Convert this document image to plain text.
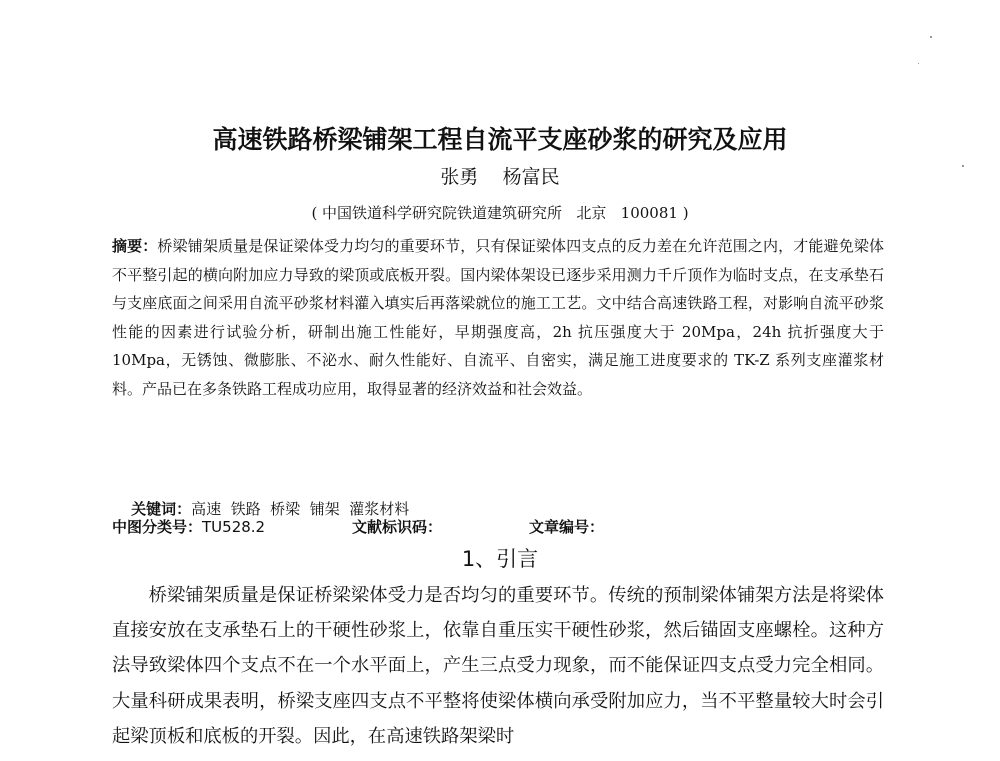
高速铁路桥梁铺架工程自流平支座砂浆的研究及应用
张勇    杨富民
( 中国铁道科学研究院铁道建筑研究所   北京   100081 )
摘要：桥梁铺架质量是保证梁体受力均匀的重要环节，只有保证梁体四支点的反力差在允许范围之内，才能避免梁体不平整引起的横向附加应力导致的梁顶或底板开裂。国内梁体架设已逐步采用测力千斤顶作为临时支点，在支承垫石与支座底面之间采用自流平砂浆材料灌入填实后再落梁就位的施工工艺。文中结合高速铁路工程，对影响自流平砂浆性能的因素进行试验分析，研制出施工性能好，早期强度高，2h 抗压强度大于 20Mpa，24h 抗折强度大于 10Mpa，无锈蚀、微膨胀、不泌水、耐久性能好、自流平、自密实，满足施工进度要求的 TK-Z 系列支座灌浆材料。产品已在多条铁路工程成功应用，取得显著的经济效益和社会效益。

关键词：高速  铁路  桥梁  铺架  灌浆材料

中图分类号：TU528.2	文献标识码：	文章编号：
1、引言
桥梁铺架质量是保证桥梁梁体受力是否均匀的重要环节。传统的预制梁体铺架方法是将梁体直接安放在支承垫石上的干硬性砂浆上，依靠自重压实干硬性砂浆，然后锚固支座螺栓。这种方法导致梁体四个支点不在一个水平面上，产生三点受力现象，而不能保证四支点受力完全相同。大量科研成果表明，桥梁支座四支点不平整将使梁体横向承受附加应力，当不平整量较大时会引起梁顶板和底板的开裂。因此，在高速铁路架梁时
